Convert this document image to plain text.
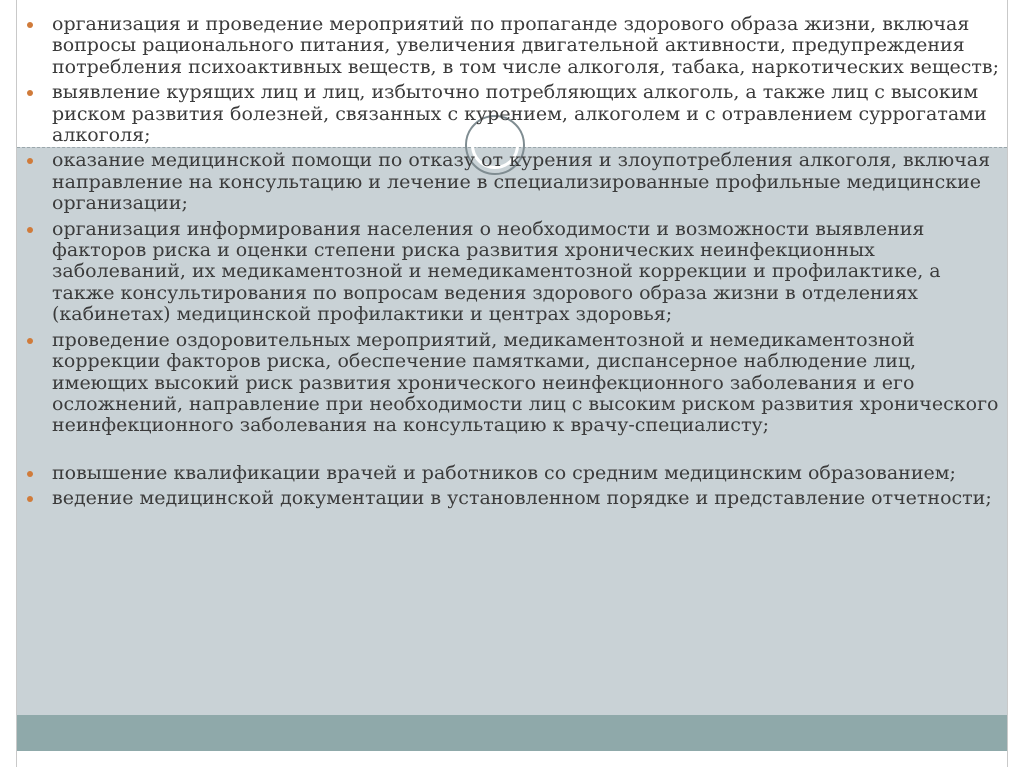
организация и проведение мероприятий по пропаганде здорового образа жизни, включая вопросы рационального питания, увеличения двигательной активности, предупреждения потребления психоактивных веществ, в том числе алкоголя, табака, наркотических веществ;
выявление курящих лиц и лиц, избыточно потребляющих алкоголь, а также лиц с высоким риском развития болезней, связанных с курением, алкоголем и с отравлением суррогатами алкоголя;
оказание медицинской помощи по отказу от курения и злоупотребления алкоголя, включая направление на консультацию и лечение в специализированные профильные медицинские организации;
организация информирования населения о необходимости и возможности выявления факторов риска и оценки степени риска развития хронических неинфекционных заболеваний, их медикаментозной и немедикаментозной коррекции и профилактике, а также консультирования по вопросам ведения здорового образа жизни в отделениях (кабинетах) медицинской профилактики и центрах здоровья;
проведение оздоровительных мероприятий, медикаментозной и немедикаментозной коррекции факторов риска, обеспечение памятками, диспансерное наблюдение лиц, имеющих высокий риск развития хронического неинфекционного заболевания и его осложнений, направление при необходимости лиц с высоким риском развития хронического неинфекционного заболевания на консультацию к врачу-специалисту;
повышение квалификации врачей и работников со средним медицинским образованием;
ведение медицинской документации в установленном порядке и представление отчетности;
